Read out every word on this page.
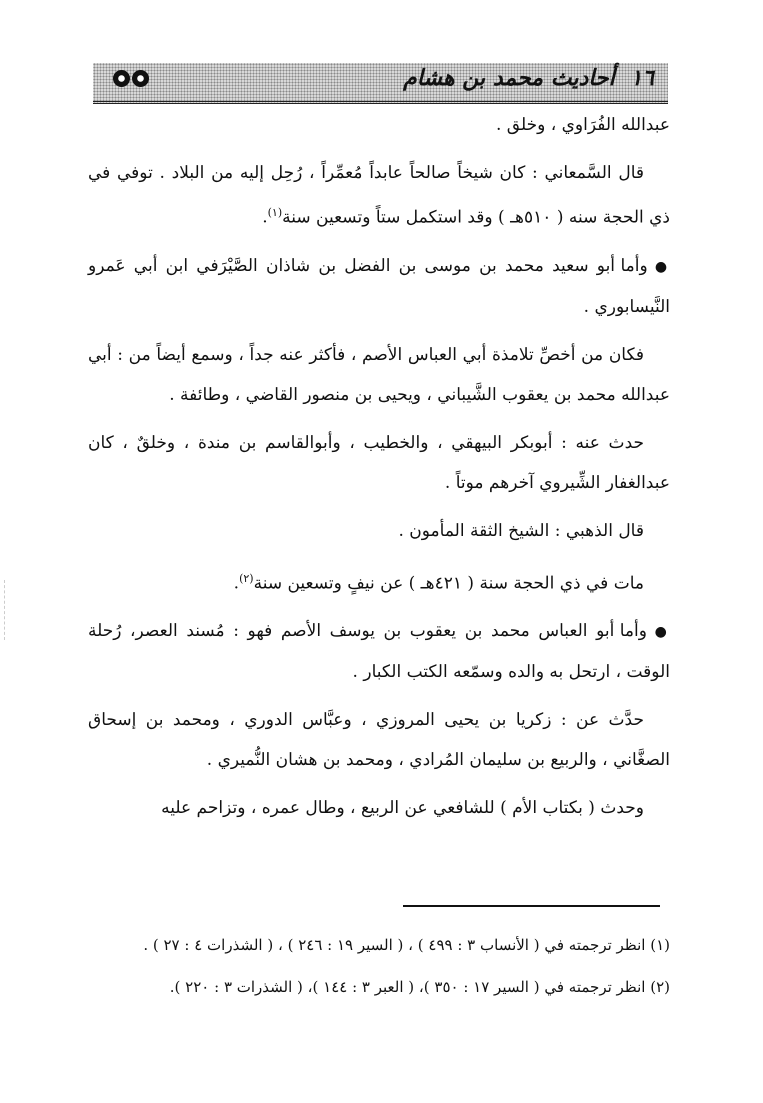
١٦ أحاديث محمد بن هشام

عبدالله الفُرَاوي ، وخلق .

قال السَّمعاني : كان شيخاً صالحاً عابداً مُعمِّراً ، رُحِل إليه من البلاد . توفي في ذي الحجة سنه ( ٥١٠هـ ) وقد استكمل ستاً وتسعين سنة$^{(١)}$.

● وأما أبو سعيد محمد بن موسى بن الفضل بن شاذان الصَّيْرَفي ابن أبي عَمرو النَّيسابوري .

فكان من أخصِّ تلامذة أبي العباس الأصم ، فأكثر عنه جداً ، وسمع أيضاً من : أبي عبدالله محمد بن يعقوب الشَّيباني ، ويحيى بن منصور القاضي ، وطائفة .

حدث عنه : أبوبكر البيهقي ، والخطيب ، وأبوالقاسم بن مندة ، وخلقٌ ، كان عبدالغفار الشِّيروي آخرهم موتاً .

قال الذهبي : الشيخ الثقة المأمون .

مات في ذي الحجة سنة ( ٤٢١هـ ) عن نيفٍ وتسعين سنة$^{(٢)}$.

● وأما أبو العباس محمد بن يعقوب بن يوسف الأصم فهو : مُسند العصر، رُحلة الوقت ، ارتحل به والده وسمّعه الكتب الكبار .

حدَّث عن : زكريا بن يحيى المروزي ، وعبَّاس الدوري ، ومحمد بن إسحاق الصغَّاني ، والربيع بن سليمان المُرادي ، ومحمد بن هشان النُّميري .

وحدث ( بكتاب الأم ) للشافعي عن الربيع ، وطال عمره ، وتزاحم عليه

(١) انظر ترجمته في ( الأنساب ٣ : ٤٩٩ ) ، ( السير ١٩ : ٢٤٦ ) ، ( الشذرات ٤ : ٢٧ ) .

(٢) انظر ترجمته في ( السير ١٧ : ٣٥٠ )، ( العبر ٣ : ١٤٤ )، ( الشذرات ٣ : ٢٢٠ ).
